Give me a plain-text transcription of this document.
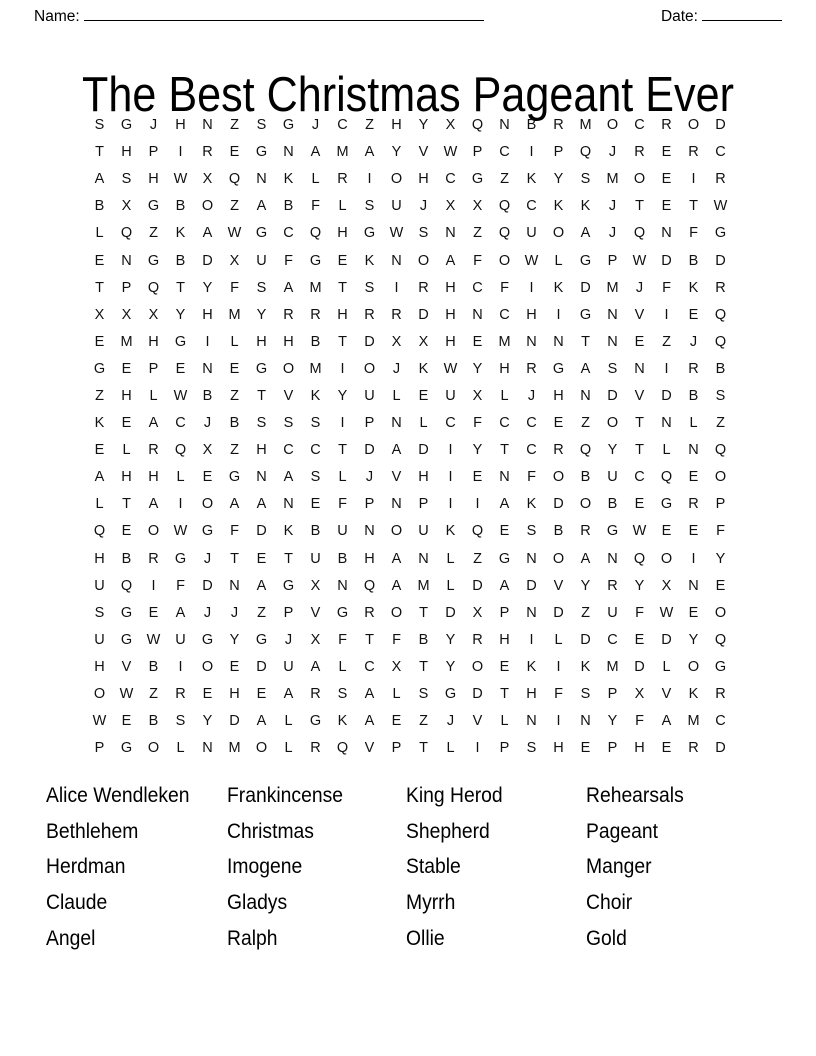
Name:	Date:
The Best Christmas Pageant Ever
S	G	J	H	N	Z	S	G	J	C	Z	H	Y	X	Q	N	B	R	M	O	C	R	O	D
T	H	P	I	R	E	G	N	A	M	A	Y	V	W	P	C	I	P	Q	J	R	E	R	C
A	S	H	W	X	Q	N	K	L	R	I	O	H	C	G	Z	K	Y	S	M	O	E	I	R
B	X	G	B	O	Z	A	B	F	L	S	U	J	X	X	Q	C	K	K	J	T	E	T	W
L	Q	Z	K	A	W	G	C	Q	H	G	W	S	N	Z	Q	U	O	A	J	Q	N	F	G
E	N	G	B	D	X	U	F	G	E	K	N	O	A	F	O	W	L	G	P	W	D	B	D
T	P	Q	T	Y	F	S	A	M	T	S	I	R	H	C	F	I	K	D	M	J	F	K	R
X	X	X	Y	H	M	Y	R	R	H	R	R	D	H	N	C	H	I	G	N	V	I	E	Q
E	M	H	G	I	L	H	H	B	T	D	X	X	H	E	M	N	N	T	N	E	Z	J	Q
G	E	P	E	N	E	G	O	M	I	O	J	K	W	Y	H	R	G	A	S	N	I	R	B
Z	H	L	W	B	Z	T	V	K	Y	U	L	E	U	X	L	J	H	N	D	V	D	B	S
K	E	A	C	J	B	S	S	S	I	P	N	L	C	F	C	C	E	Z	O	T	N	L	Z
E	L	R	Q	X	Z	H	C	C	T	D	A	D	I	Y	T	C	R	Q	Y	T	L	N	Q
A	H	H	L	E	G	N	A	S	L	J	V	H	I	E	N	F	O	B	U	C	Q	E	O
L	T	A	I	O	A	A	N	E	F	P	N	P	I	I	A	K	D	O	B	E	G	R	P
Q	E	O	W	G	F	D	K	B	U	N	O	U	K	Q	E	S	B	R	G	W	E	E	F
H	B	R	G	J	T	E	T	U	B	H	A	N	L	Z	G	N	O	A	N	Q	O	I	Y
U	Q	I	F	D	N	A	G	X	N	Q	A	M	L	D	A	D	V	Y	R	Y	X	N	E
S	G	E	A	J	J	Z	P	V	G	R	O	T	D	X	P	N	D	Z	U	F	W	E	O
U	G	W	U	G	Y	G	J	X	F	T	F	B	Y	R	H	I	L	D	C	E	D	Y	Q
H	V	B	I	O	E	D	U	A	L	C	X	T	Y	O	E	K	I	K	M	D	L	O	G
O	W	Z	R	E	H	E	A	R	S	A	L	S	G	D	T	H	F	S	P	X	V	K	R
W	E	B	S	Y	D	A	L	G	K	A	E	Z	J	V	L	N	I	N	Y	F	A	M	C
P	G	O	L	N	M	O	L	R	Q	V	P	T	L	I	P	S	H	E	P	H	E	R	D
Alice Wendleken	Frankincense	King Herod	Rehearsals
Bethlehem	Christmas	Shepherd	Pageant
Herdman	Imogene	Stable	Manger
Claude	Gladys	Myrrh	Choir
Angel	Ralph	Ollie	Gold
